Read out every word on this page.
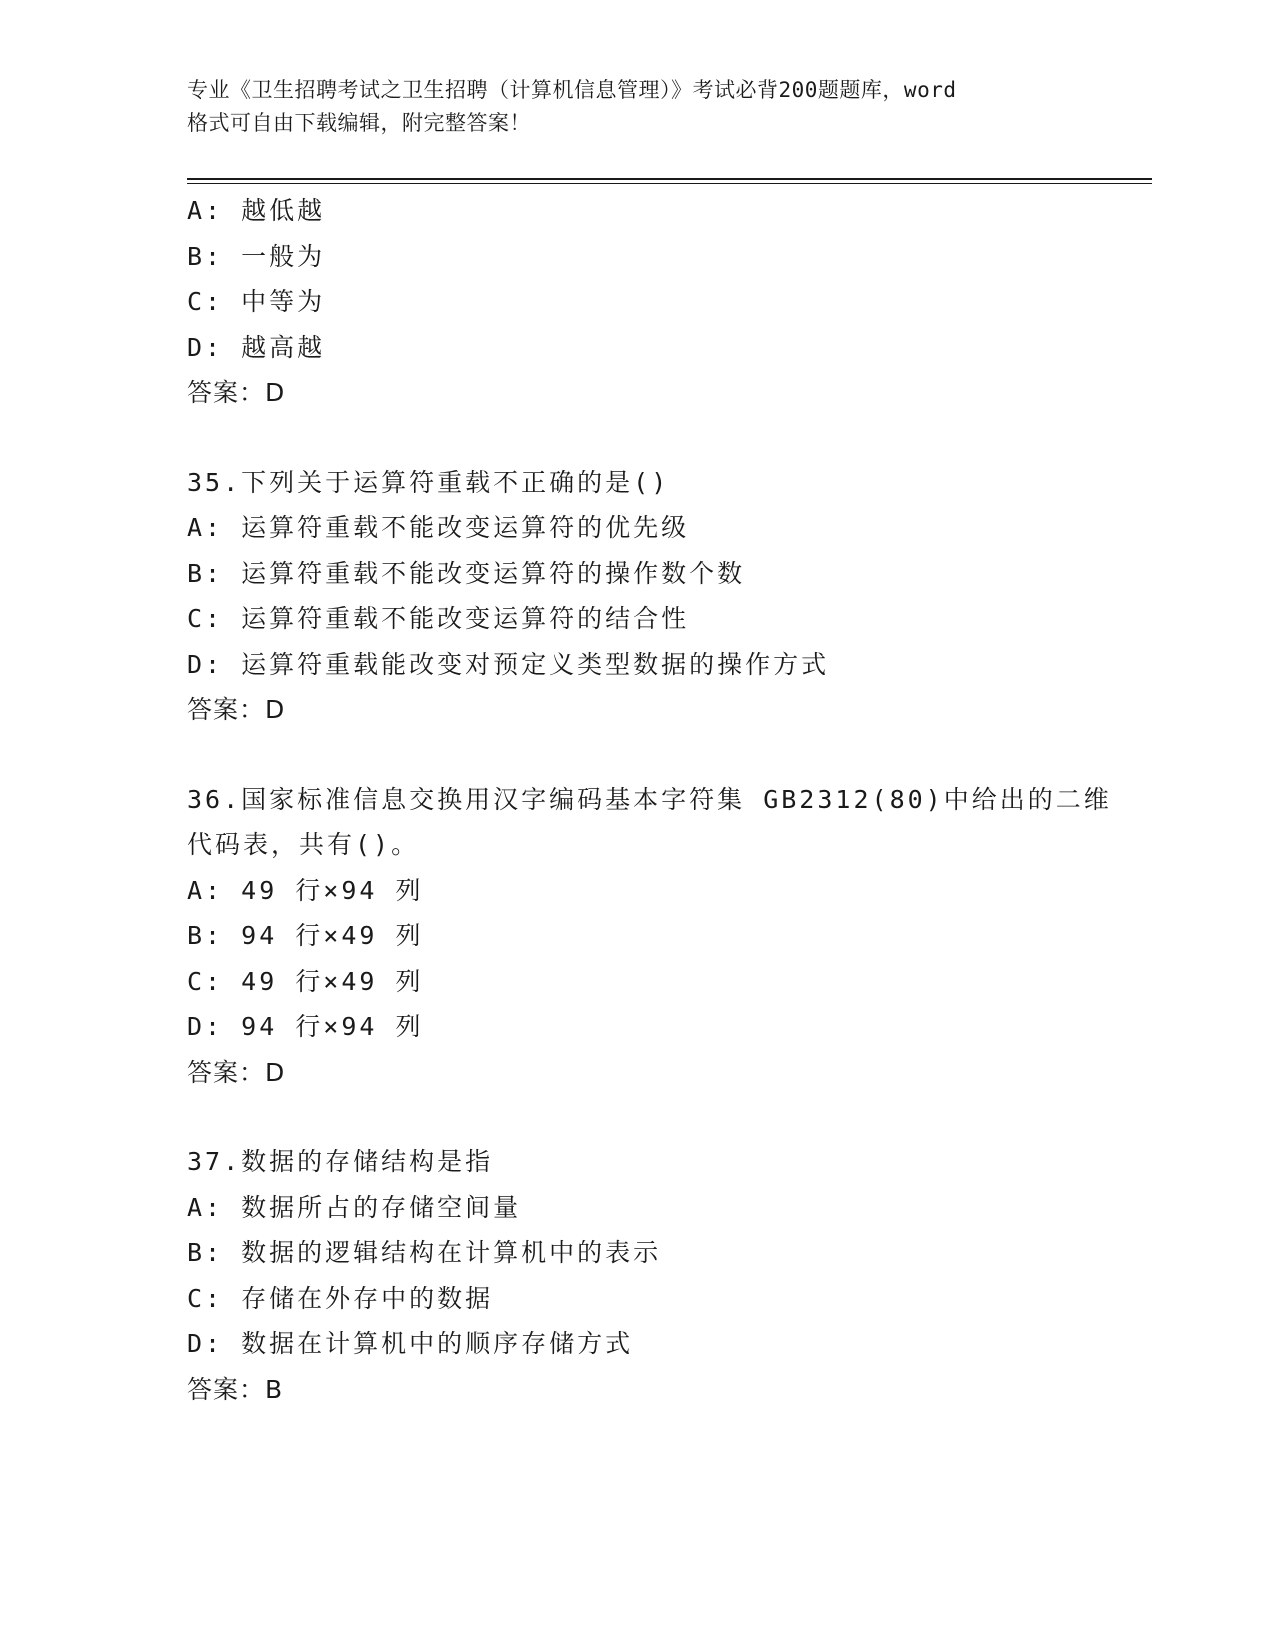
专业《卫生招聘考试之卫生招聘（计算机信息管理）》考试必背200题题库，word
格式可自由下载编辑，附完整答案！
A: 越低越
B: 一般为
C: 中等为
D: 越高越
答案：D
35.下列关于运算符重载不正确的是()
A: 运算符重载不能改变运算符的优先级
B: 运算符重载不能改变运算符的操作数个数
C: 运算符重载不能改变运算符的结合性
D: 运算符重载能改变对预定义类型数据的操作方式
答案：D
36.国家标准信息交换用汉字编码基本字符集 GB2312(80)中给出的二维
代码表，共有()。
A: 49 行×94 列
B: 94 行×49 列
C: 49 行×49 列
D: 94 行×94 列
答案：D
37.数据的存储结构是指
A: 数据所占的存储空间量
B: 数据的逻辑结构在计算机中的表示
C: 存储在外存中的数据
D: 数据在计算机中的顺序存储方式
答案：B
